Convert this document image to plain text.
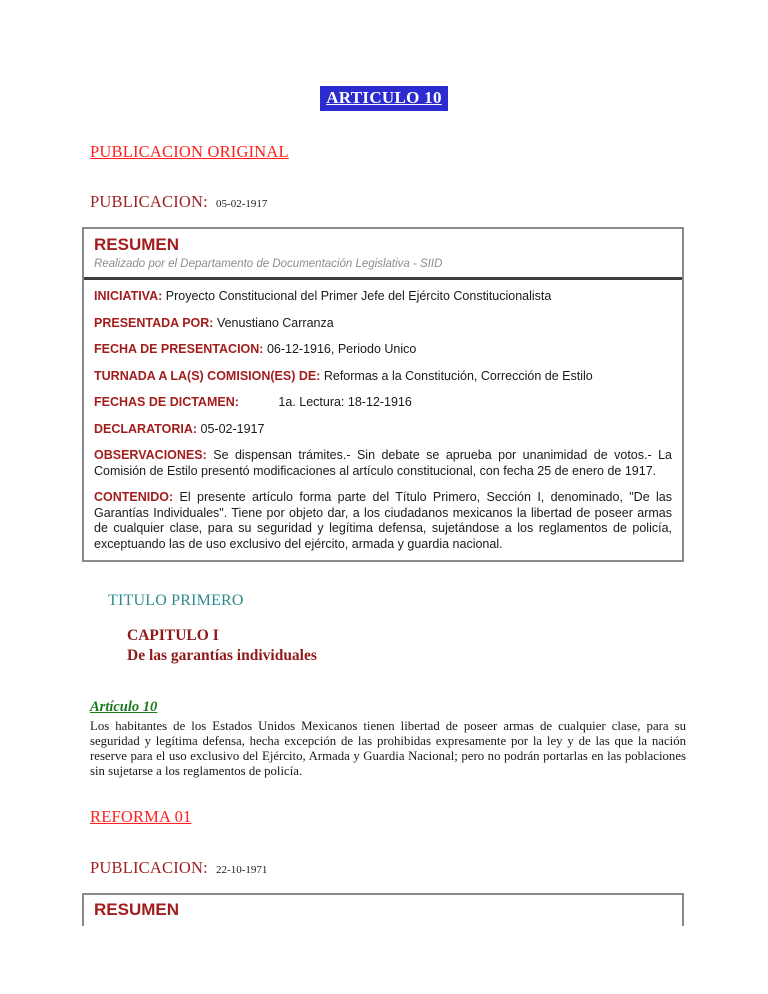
ARTICULO 10
PUBLICACION ORIGINAL

PUBLICACION: 05-02-1917

RESUMEN

Realizado por el Departamento de Documentación Legislativa - SIID

INICIATIVA: Proyecto Constitucional del Primer Jefe del Ejército Constitucionalista

PRESENTADA POR: Venustiano Carranza

FECHA DE PRESENTACION: 06-12-1916, Periodo Unico

TURNADA A LA(S) COMISION(ES) DE: Reformas a la Constitución, Corrección de Estilo

FECHAS DE DICTAMEN:	1a. Lectura: 18-12-1916

DECLARATORIA: 05-02-1917

OBSERVACIONES: Se dispensan trámites.- Sin debate se aprueba por unanimidad de votos.- La Comisión de Estilo presentó modificaciones al artículo constitucional, con fecha 25 de enero de 1917.

CONTENIDO: El presente artículo forma parte del Título Primero, Sección I, denominado, "De las Garantías Individuales". Tiene por objeto dar, a los ciudadanos mexicanos la libertad de poseer armas de cualquier clase, para su seguridad y legítima defensa, sujetándose a los reglamentos de policía, exceptuando las de uso exclusivo del ejército, armada y guardia nacional.

TITULO PRIMERO
CAPITULO I
De las garantías individuales
Artículo 10

Los habitantes de los Estados Unidos Mexicanos tienen libertad de poseer armas de cualquier clase, para su seguridad y legítima defensa, hecha excepción de las prohibidas expresamente por la ley y de las que la nación reserve para el uso exclusivo del Ejército, Armada y Guardia Nacional; pero no podrán portarlas en las poblaciones sin sujetarse a los reglamentos de policía.

REFORMA 01

PUBLICACION: 22-10-1971

RESUMEN
